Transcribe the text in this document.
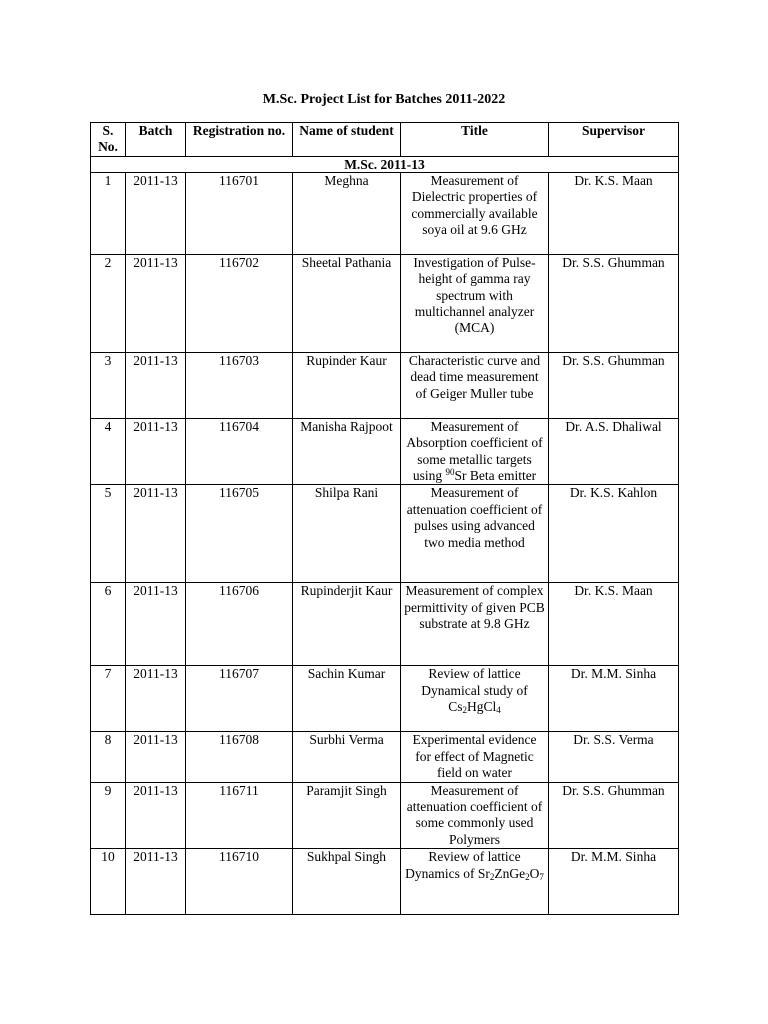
M.Sc. Project List for Batches 2011-2022
S. No.	Batch	Registration no.	Name of student	Title	Supervisor
M.Sc. 2011-13					
1	2011-13	116701	Meghna	Measurement of Dielectric properties of commercially available soya oil at 9.6 GHz	Dr. K.S. Maan
2	2011-13	116702	Sheetal Pathania	Investigation of Pulse-height of gamma ray spectrum with multichannel analyzer (MCA)	Dr. S.S. Ghumman
3	2011-13	116703	Rupinder Kaur	Characteristic curve and dead time measurement of Geiger Muller tube	Dr. S.S. Ghumman
4	2011-13	116704	Manisha Rajpoot	Measurement of Absorption coefficient of some metallic targets using $^{90}$Sr Beta emitter	Dr. A.S. Dhaliwal
5	2011-13	116705	Shilpa Rani	Measurement of attenuation coefficient of pulses using advanced two media method	Dr. K.S. Kahlon
6	2011-13	116706	Rupinderjit Kaur	Measurement of complex permittivity of given PCB substrate at 9.8 GHz	Dr. K.S. Maan
7	2011-13	116707	Sachin Kumar	Review of lattice Dynamical study of $Cs_2HgCl_4$	Dr. M.M. Sinha
8	2011-13	116708	Surbhi Verma	Experimental evidence for effect of Magnetic field on water	Dr. S.S. Verma
9	2011-13	116711	Paramjit Singh	Measurement of attenuation coefficient of some commonly used Polymers	Dr. S.S. Ghumman
10	2011-13	116710	Sukhpal Singh	Review of lattice Dynamics of $Sr_2ZnGe_2O_7$	Dr. M.M. Sinha
